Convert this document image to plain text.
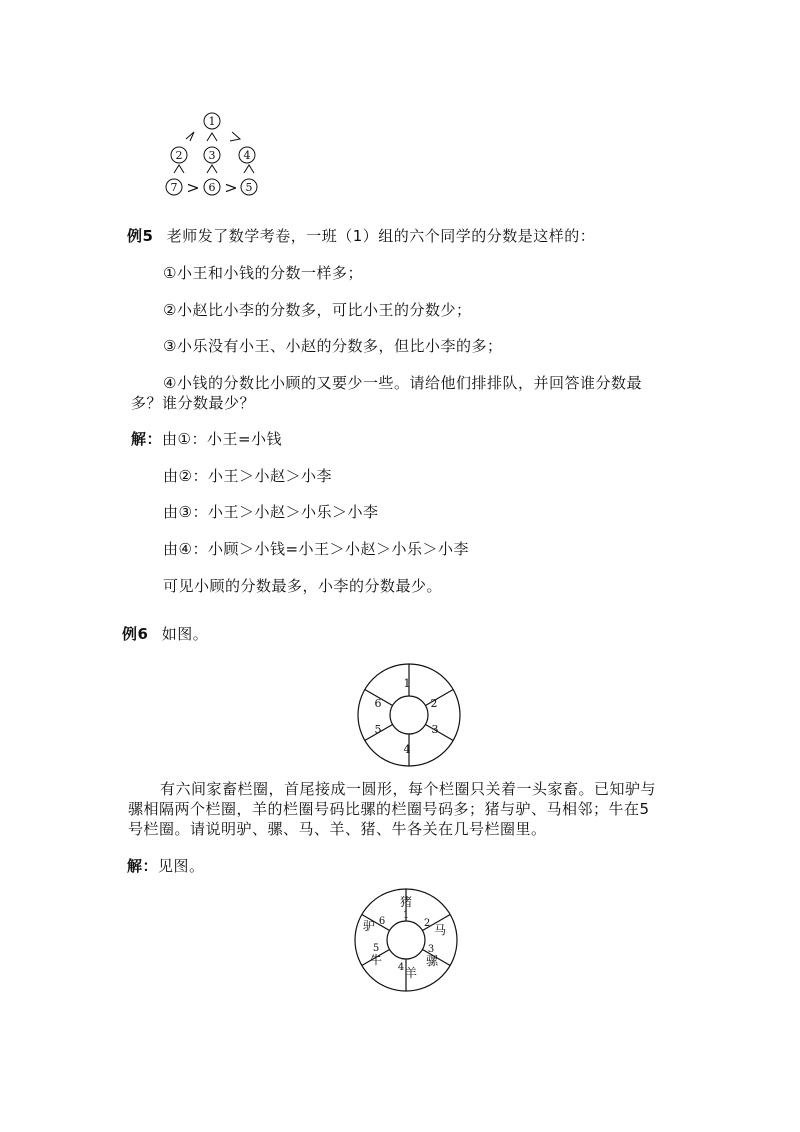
1
2 3	4
7	6	5
> >
例5 老师发了数学考卷，一班（1）组的六个同学的分数是这样的：
①小王和小钱的分数一样多；
②小赵比小李的分数多，可比小王的分数少；
③小乐没有小王、小赵的分数多，但比小李的多；
④小钱的分数比小顾的又要少一些。请给他们排排队，并回答谁分数最
多？谁分数最少？
解：由①：小王=小钱
由②：小王＞小赵＞小李
由③：小王＞小赵＞小乐＞小李
由④：小顾＞小钱=小王＞小赵＞小乐＞小李
可见小顾的分数最多，小李的分数最少。
例6 如图。
1
2
3
4
5
6
有六间家畜栏圈，首尾接成一圆形，每个栏圈只关着一头家畜。已知驴与
骡相隔两个栏圈，羊的栏圈号码比骡的栏圈号码多；猪与驴、马相邻；牛在5
号栏圈。请说明驴、骡、马、羊、猪、牛各关在几号栏圈里。
解：见图。
猪
1
2 马
3
骡
4 羊
5
牛
驴 6
